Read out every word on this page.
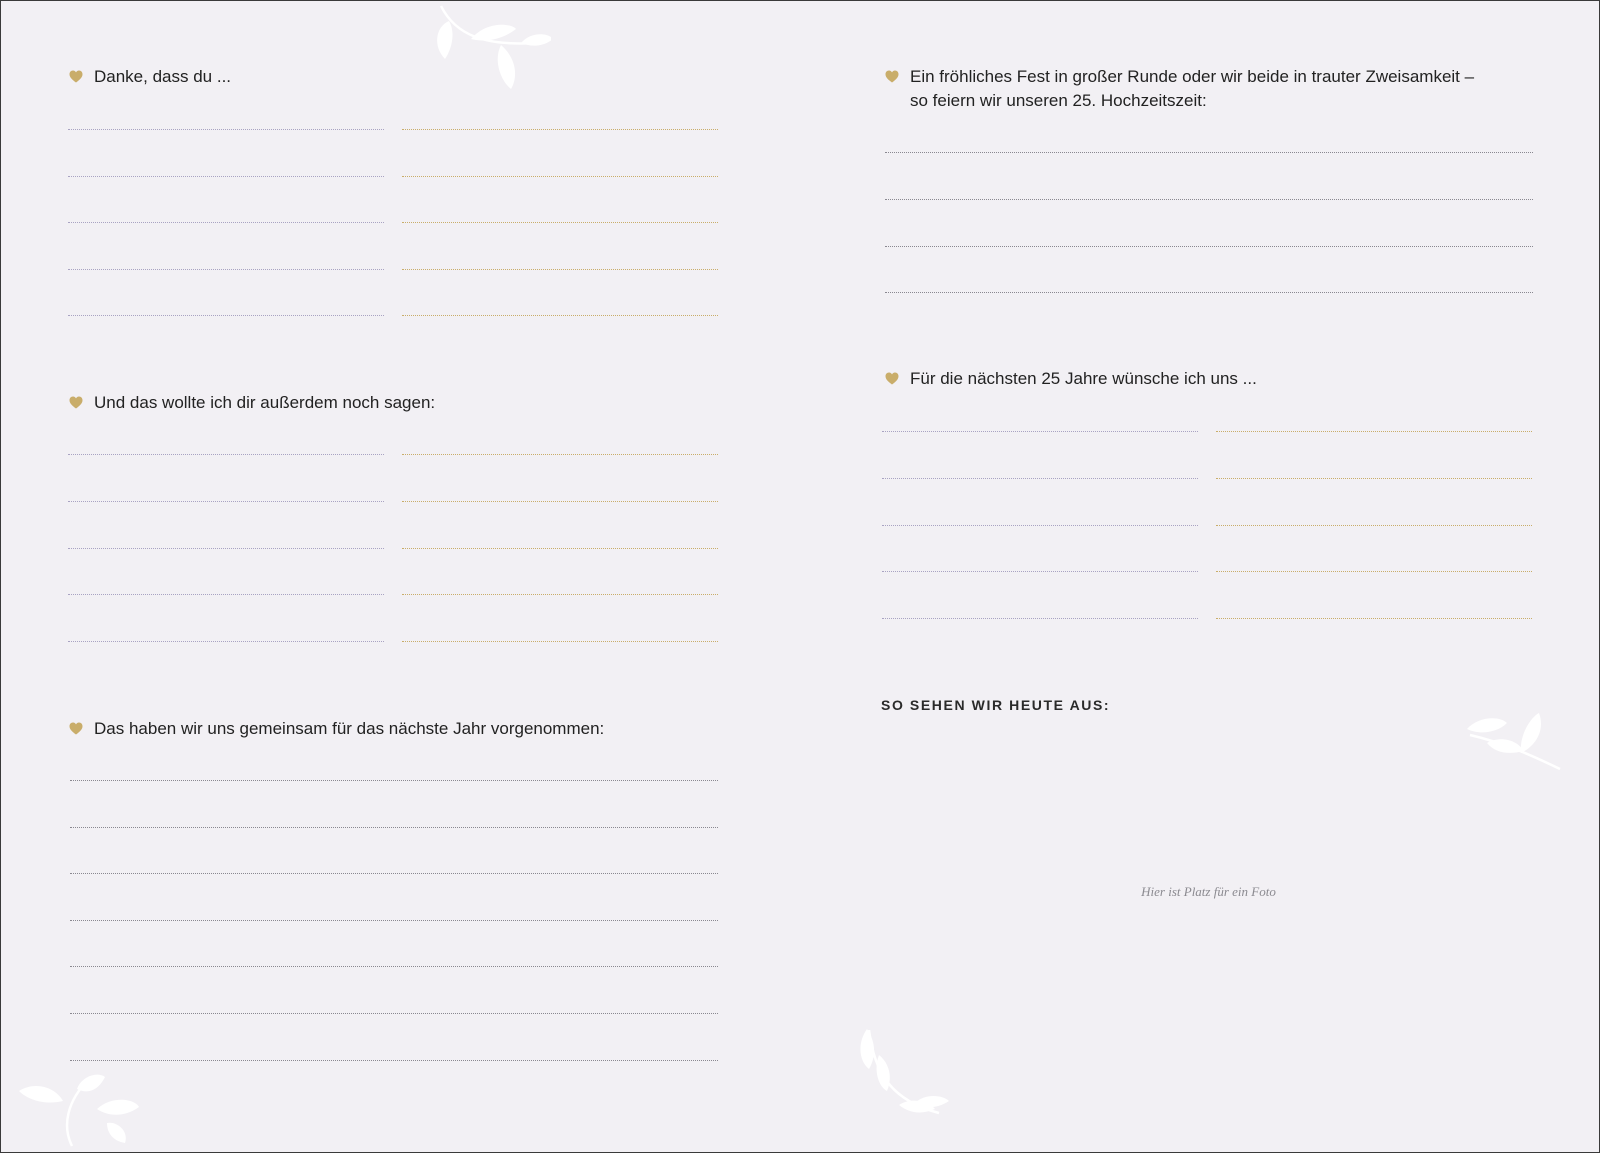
Danke, dass du ...
Und das wollte ich dir außerdem noch sagen:
Das haben wir uns gemeinsam für das nächste Jahr vorgenommen:
Ein fröhliches Fest in großer Runde oder wir beide in trauter Zweisamkeit –
so feiern wir unseren 25. Hochzeitszeit:
Für die nächsten 25 Jahre wünsche ich uns ...
SO SEHEN WIR HEUTE AUS:
Hier ist Platz für ein Foto
